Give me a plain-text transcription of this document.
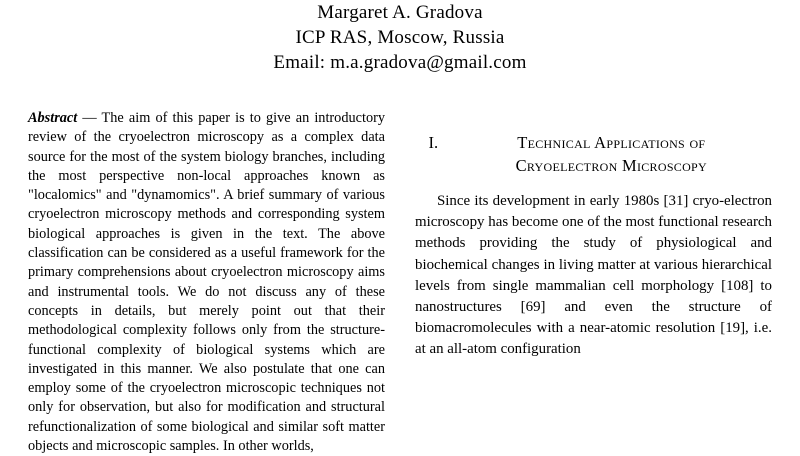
Margaret A. Gradova
ICP RAS, Moscow, Russia
Email: m.a.gradova@gmail.com

Abstract — The aim of this paper is to give an introductory review of the cryoelectron microscopy as a complex data source for the most of the system biology branches, including the most perspective non-local approaches known as "localomics" and "dynamomics". A brief summary of various cryoelectron microscopy methods and corresponding system biological approaches is given in the text. The above classification can be considered as a useful framework for the primary comprehensions about cryoelectron microscopy aims and instrumental tools. We do not discuss any of these concepts in details, but merely point out that their methodological complexity follows only from the structure-functional complexity of biological systems which are investigated in this manner. We also postulate that one can employ some of the cryoelectron microscopic techniques not only for observation, but also for modification and structural refunctionalization of some biological and similar soft matter objects and microscopic samples. In other worlds,

I.	Technical Applications of Cryoelectron Microscopy

Since its development in early 1980s [31] cryo-electron microscopy has become one of the most functional research methods providing the study of physiological and biochemical changes in living matter at various hierarchical levels from single mammalian cell morphology [108] to nanostructures [69] and even the structure of biomacromolecules with a near-atomic resolution [19], i.e. at an all-atom configuration
